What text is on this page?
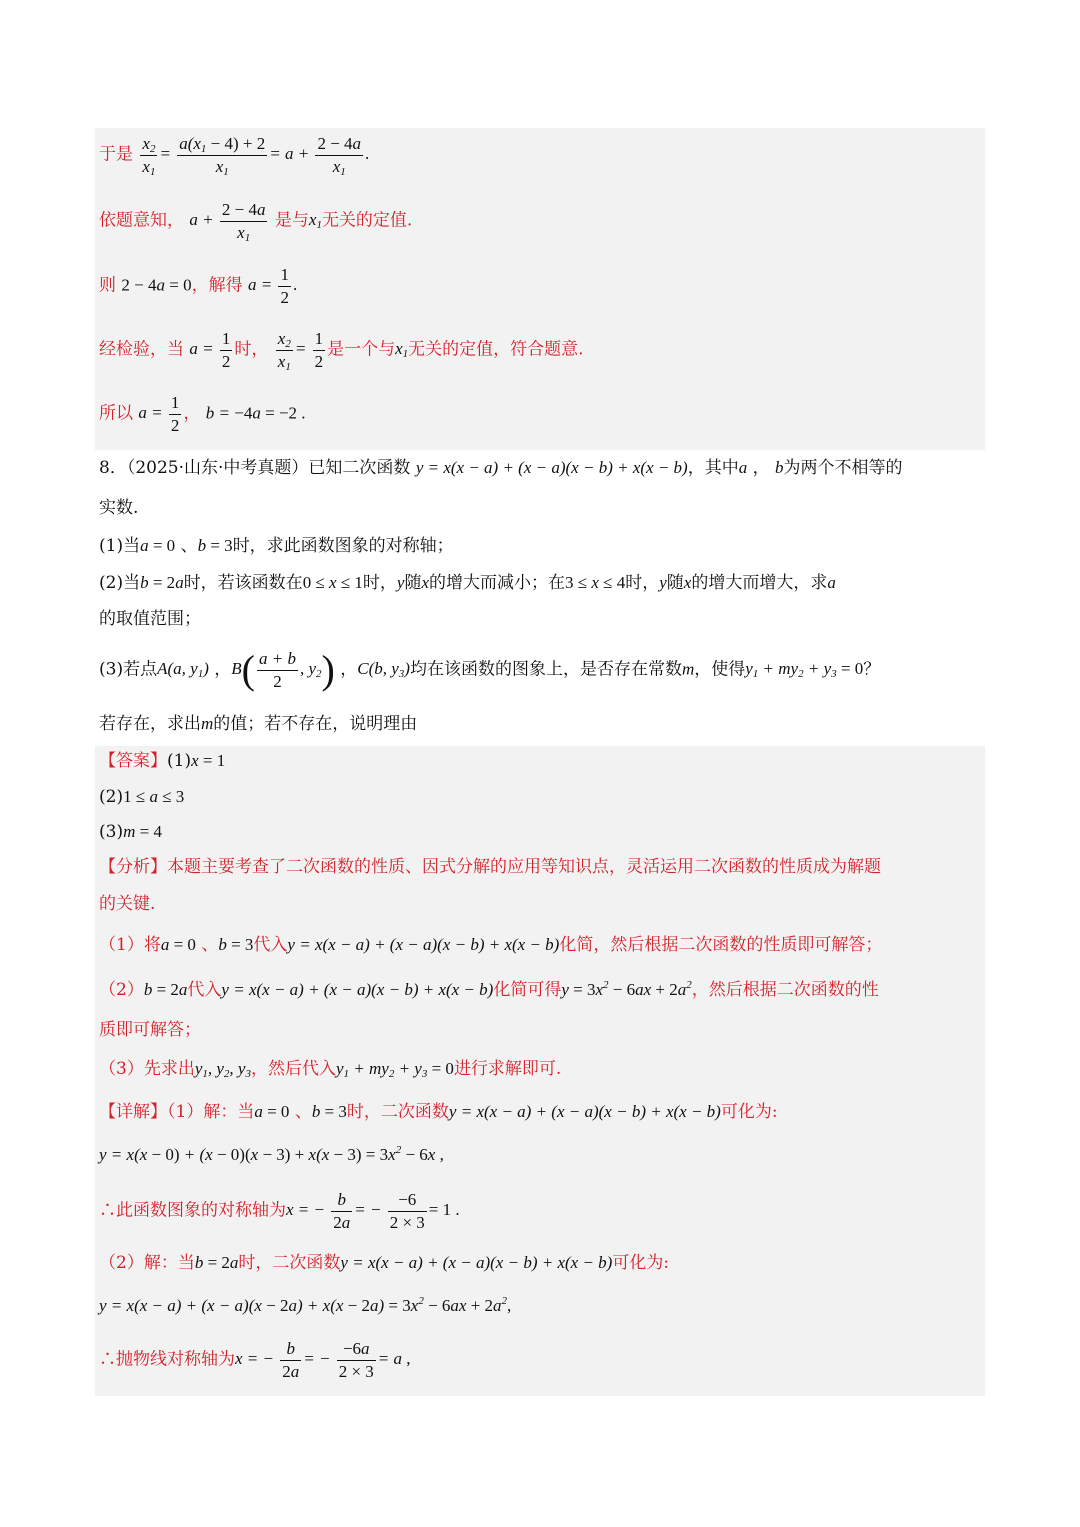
于是 $\frac{x_2}{x_1} = \frac{a(x_1 - 4) + 2}{x_1} = a + \frac{2 - 4a}{x_1}$ .
依题意知， $a + \frac{2 - 4a}{x_1}$ 是与$x_1$无关的定值.
则 2 − 4a = 0，解得 $a = \frac{1}{2}$ .
经检验，当 $a = \frac{1}{2}$ 时， $\frac{x_2}{x_1} = \frac{1}{2}$ 是一个与$x_1$无关的定值，符合题意.
所以 $a = \frac{1}{2}$ ， b = −4a = −2 .
8．（2025·山东·中考真题）已知二次函数 y = x(x − a) + (x − a)(x − b) + x(x − b)，其中a ， b为两个不相等的
实数.
(1)当a = 0 、b = 3时，求此函数图象的对称轴；
(2)当b = 2a时，若该函数在0 ≤ x ≤ 1时，y随x的增大而减小；在3 ≤ x ≤ 4时，y随x的增大而增大，求a
的取值范围；
(3)若点A(a, $y_1$) ，$B( \frac{a + b}{2}$ , $y_2$) ，C(b, $y_3$)均在该函数的图象上，是否存在常数m，使得$y_1 + my_2 + y_3 = 0$？
若存在，求出m的值；若不存在，说明理由
【答案】(1)x = 1
(2)1 ≤ a ≤ 3
(3)m = 4
【分析】本题主要考查了二次函数的性质、因式分解的应用等知识点，灵活运用二次函数的性质成为解题
的关键.
（1）将a = 0 、b = 3代入y = x(x − a) + (x − a)(x − b) + x(x − b)化简，然后根据二次函数的性质即可解答；
（2）b = 2a代入y = x(x − a) + (x − a)(x − b) + x(x − b)化简可得$y = 3x^2 - 6ax + 2a^2$，然后根据二次函数的性
质即可解答；
（3）先求出$y_1$, $y_2$, $y_3$，然后代入$y_1 + my_2 + y_3 = 0$进行求解即可.
【详解】（1）解：当a = 0 、b = 3时，二次函数y = x(x − a) + (x − a)(x − b) + x(x − b)可化为:
$y = x(x - 0) + (x - 0)(x - 3) + x(x - 3) = 3x^2 - 6x$ ,
∴此函数图象的对称轴为x = − $\frac{b}{2a}$ = − $\frac{-6}{2 \times 3} = 1$ .
（2）解：当b = 2a时，二次函数y = x(x − a) + (x − a)(x − b) + x(x − b)可化为:
$y = x(x - a) + (x - a)(x - 2a) + x(x - 2a) = 3x^2 - 6ax + 2a^2$,
∴抛物线对称轴为x = − $\frac{b}{2a}$ = − $\frac{-6a}{2 \times 3} = a$ ,
